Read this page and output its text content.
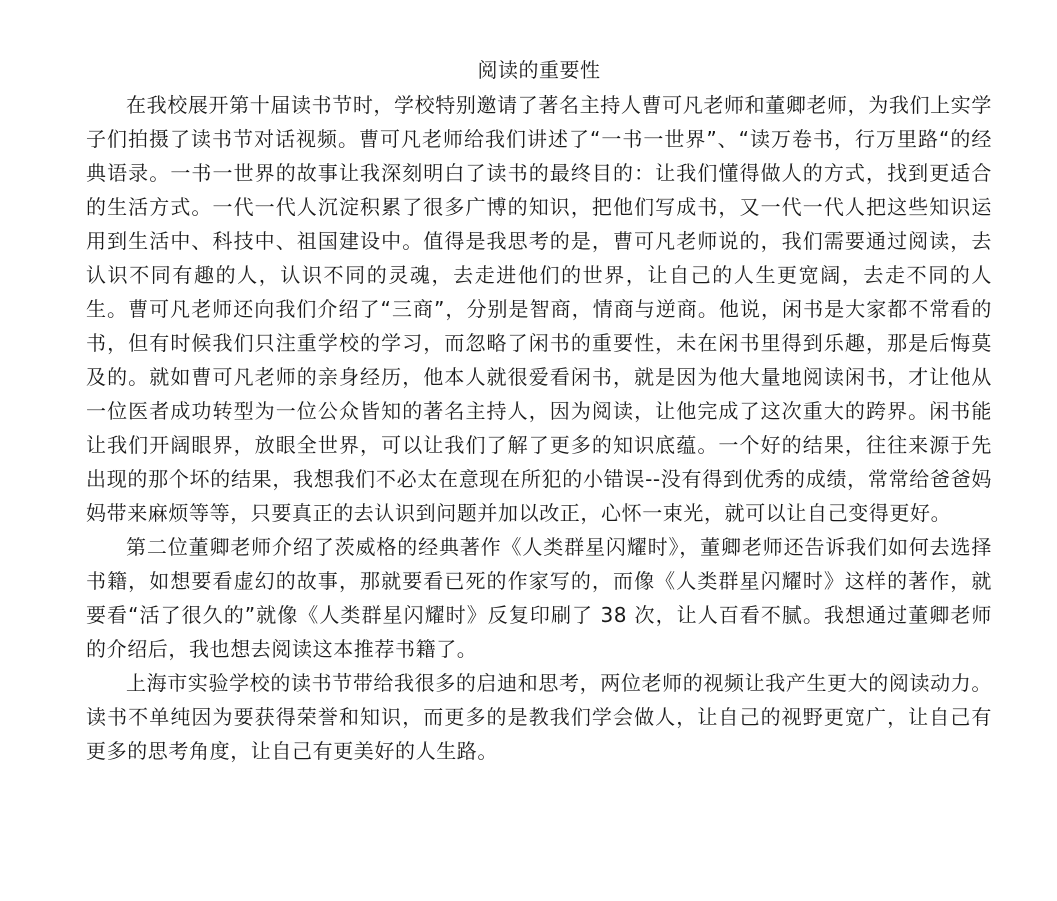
阅读的重要性

在我校展开第十届读书节时，学校特别邀请了著名主持人曹可凡老师和董卿老师，为我们上实学子们拍摄了读书节对话视频。曹可凡老师给我们讲述了“一书一世界”、“读万卷书，行万里路“的经典语录。一书一世界的故事让我深刻明白了读书的最终目的：让我们懂得做人的方式，找到更适合的生活方式。一代一代人沉淀积累了很多广博的知识，把他们写成书，又一代一代人把这些知识运用到生活中、科技中、祖国建设中。值得是我思考的是，曹可凡老师说的，我们需要通过阅读，去认识不同有趣的人，认识不同的灵魂，去走进他们的世界，让自己的人生更宽阔，去走不同的人生。曹可凡老师还向我们介绍了“三商”，分别是智商，情商与逆商。他说，闲书是大家都不常看的书，但有时候我们只注重学校的学习，而忽略了闲书的重要性，未在闲书里得到乐趣，那是后悔莫及的。就如曹可凡老师的亲身经历，他本人就很爱看闲书，就是因为他大量地阅读闲书，才让他从一位医者成功转型为一位公众皆知的著名主持人，因为阅读，让他完成了这次重大的跨界。闲书能让我们开阔眼界，放眼全世界，可以让我们了解了更多的知识底蕴。一个好的结果，往往来源于先出现的那个坏的结果，我想我们不必太在意现在所犯的小错误--没有得到优秀的成绩，常常给爸爸妈妈带来麻烦等等，只要真正的去认识到问题并加以改正，心怀一束光，就可以让自己变得更好。

第二位董卿老师介绍了茨威格的经典著作《人类群星闪耀时》，董卿老师还告诉我们如何去选择书籍，如想要看虚幻的故事，那就要看已死的作家写的，而像《人类群星闪耀时》这样的著作，就要看“活了很久的”就像《人类群星闪耀时》反复印刷了 38 次，让人百看不腻。我想通过董卿老师的介绍后，我也想去阅读这本推荐书籍了。

上海市实验学校的读书节带给我很多的启迪和思考，两位老师的视频让我产生更大的阅读动力。读书不单纯因为要获得荣誉和知识，而更多的是教我们学会做人，让自己的视野更宽广，让自己有更多的思考角度，让自己有更美好的人生路。
